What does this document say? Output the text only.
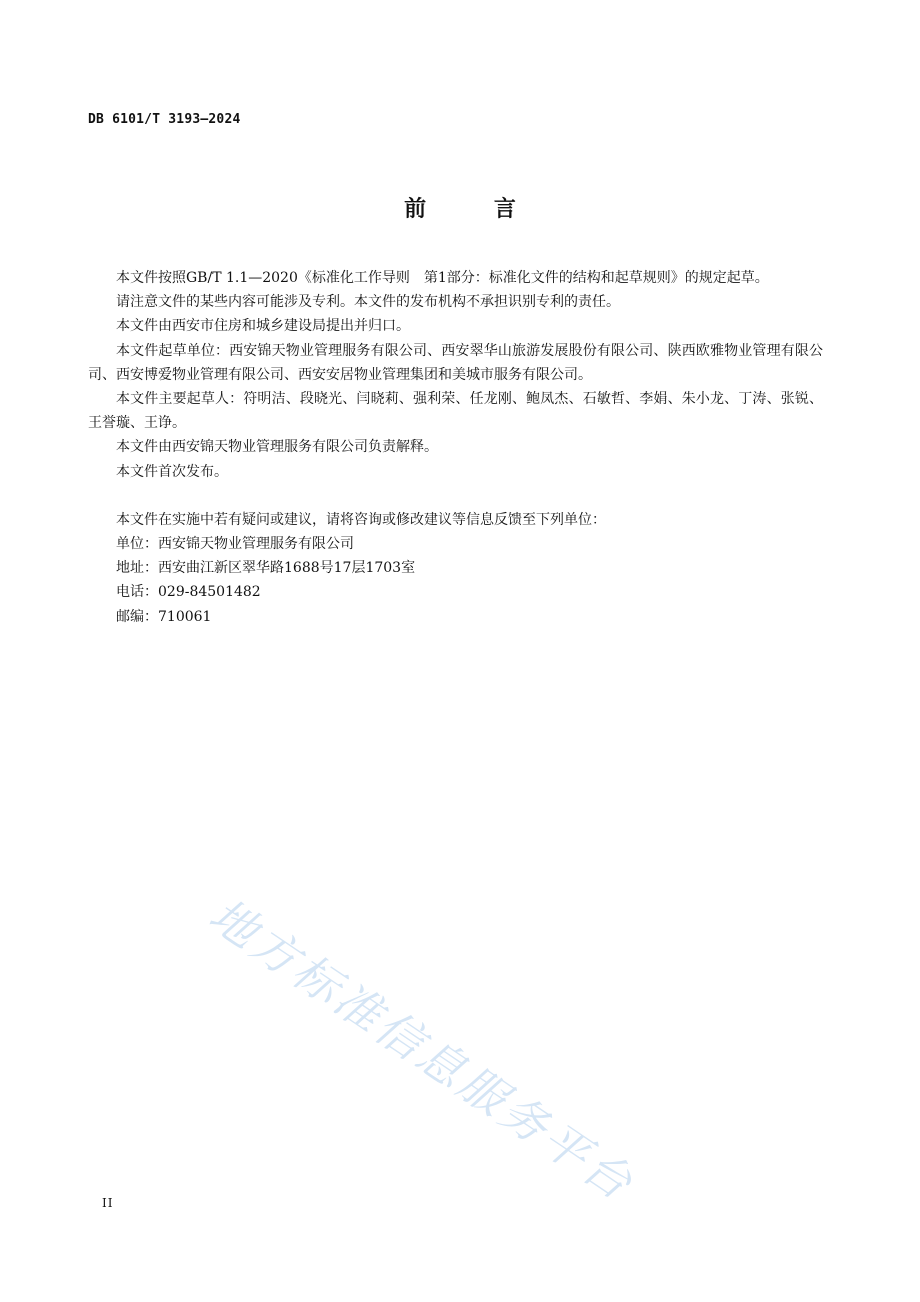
DB 6101/T 3193—2024
前 言

本文件按照GB/T 1.1—2020《标准化工作导则　第1部分：标准化文件的结构和起草规则》的规定起草。

请注意文件的某些内容可能涉及专利。本文件的发布机构不承担识别专利的责任。

本文件由西安市住房和城乡建设局提出并归口。

本文件起草单位：西安锦天物业管理服务有限公司、西安翠华山旅游发展股份有限公司、陕西欧雅物业管理有限公司、西安博爱物业管理有限公司、西安安居物业管理集团和美城市服务有限公司。

本文件主要起草人：符明洁、段晓光、闫晓莉、强利荣、任龙刚、鲍凤杰、石敏哲、李娟、朱小龙、丁涛、张锐、王誉璇、王诤。

本文件由西安锦天物业管理服务有限公司负责解释。

本文件首次发布。

本文件在实施中若有疑问或建议，请将咨询或修改建议等信息反馈至下列单位：

单位：西安锦天物业管理服务有限公司

地址：西安曲江新区翠华路1688号17层1703室

电话：029-84501482

邮编：710061

地方标准信息服务平台
II
